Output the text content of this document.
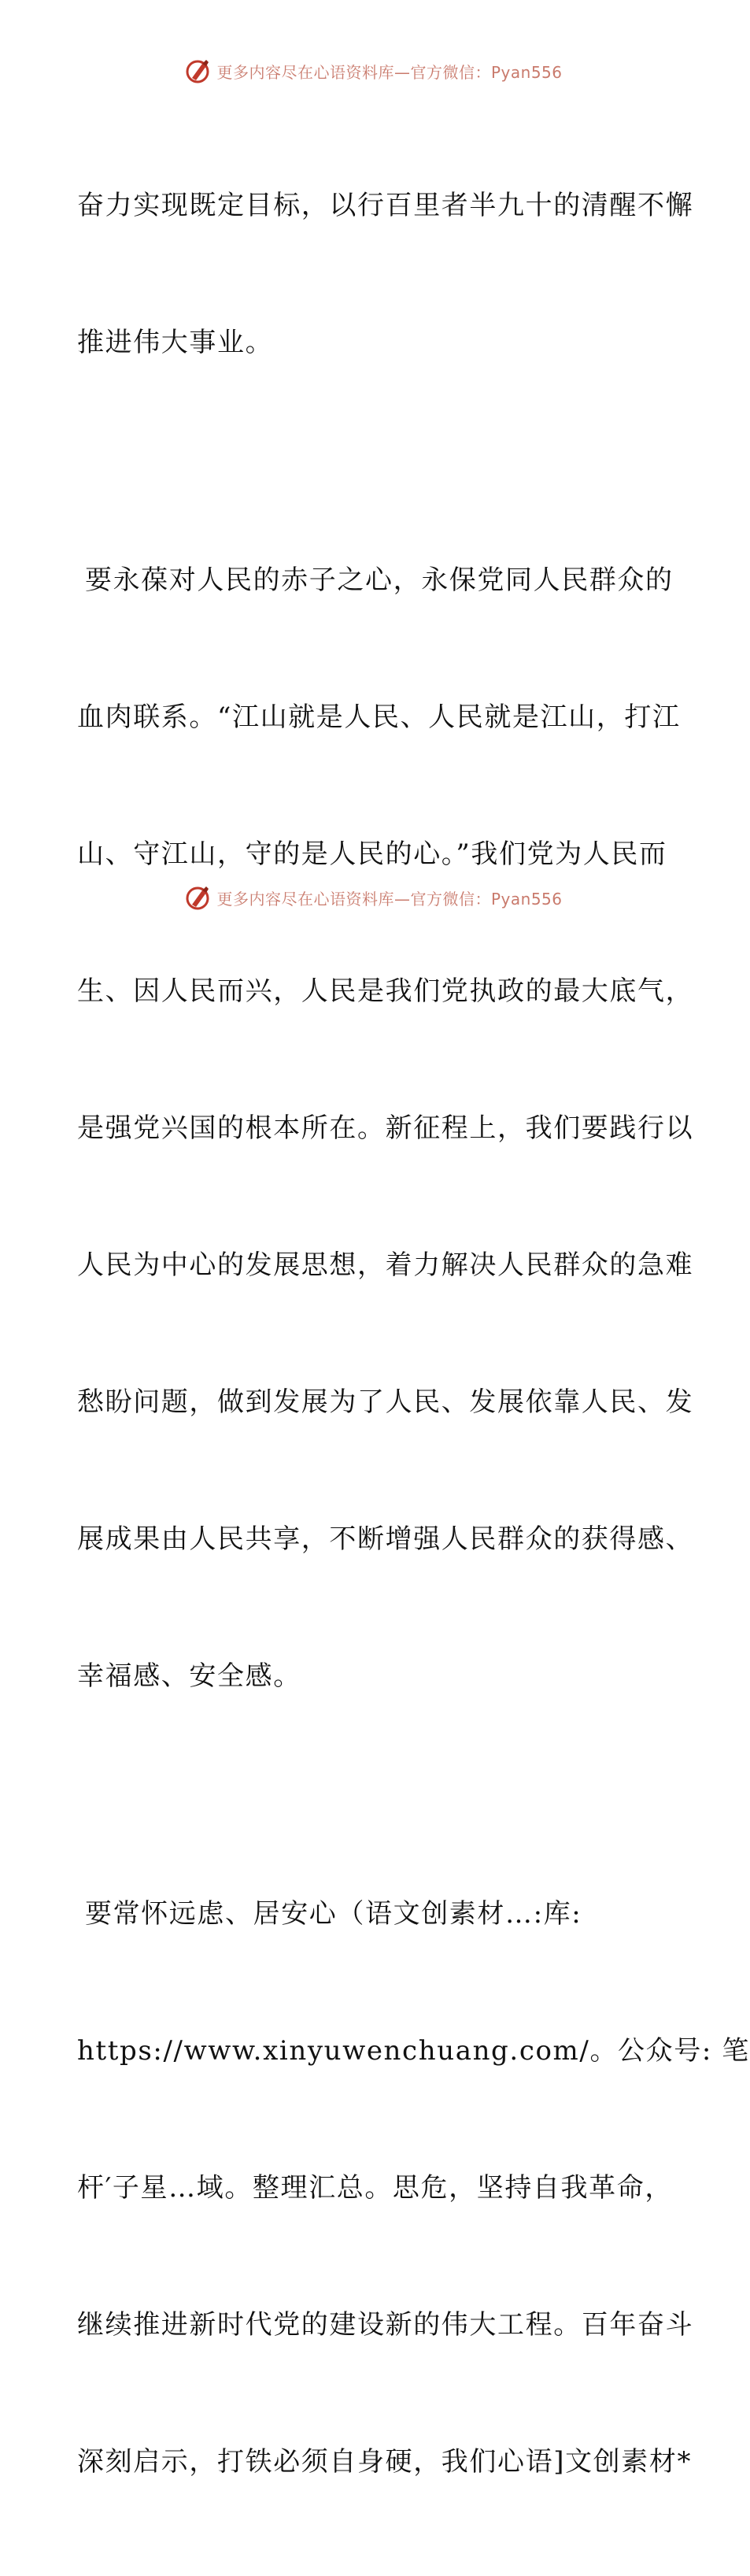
更多内容尽在心语资料库—官方微信：Pyan556

奋力实现既定目标，以行百里者半九十的清醒不懈

推进伟大事业。

要永葆对人民的赤子之心，永保党同人民群众的

血肉联系。“江山就是人民、人民就是江山，打江

山、守江山，守的是人民的心。”我们党为人民而

生、因人民而兴，人民是我们党执政的最大底气，

是强党兴国的根本所在。新征程上，我们要践行以

人民为中心的发展思想，着力解决人民群众的急难

愁盼问题，做到发展为了人民、发展依靠人民、发

展成果由人民共享，不断增强人民群众的获得感、

幸福感、安全感。

要常怀远虑、居安心（语文创素材…:库:

https://www.xinyuwenchuang.com/。公众号: 笔

杆′子星…域。整理汇总。思危，坚持自我革命，

继续推进新时代党的建设新的伟大工程。百年奋斗

深刻启示，打铁必须自身硬，我们心语]文创素材*

更多内容尽在心语资料库—官方微信：Pyan556
